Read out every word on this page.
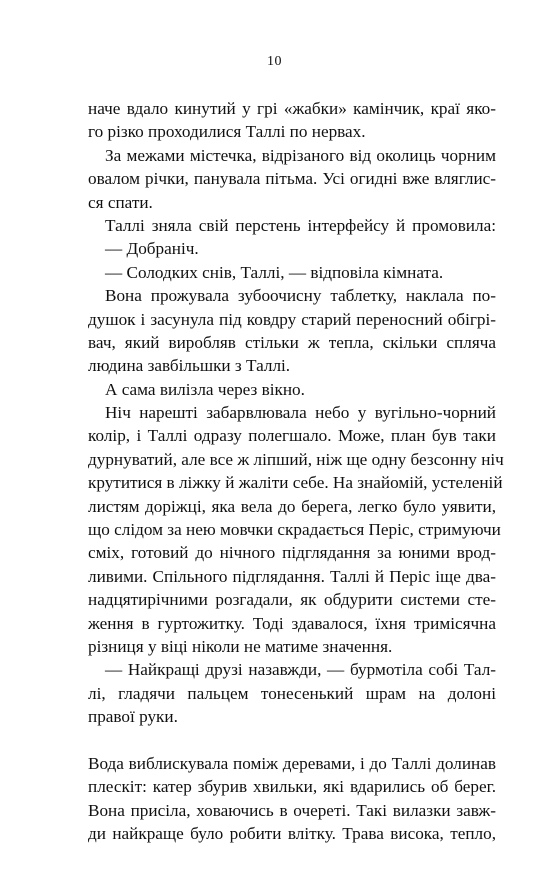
10
наче вдало кинутий у грі «жабки» камінчик, краї яко-
го різко проходилися Таллі по нервах.
За межами містечка, відрізаного від околиць чорним
овалом річки, панувала пітьма. Усі огидні вже вляглис-
ся спати.
Таллі зняла свій перстень інтерфейсу й промовила:
— Добраніч.
— Солодких снів, Таллі, — відповіла кімната.
Вона прожувала зубоочисну таблетку, наклала по-
душок і засунула під ковдру старий переносний обігрі-
вач, який виробляв стільки ж тепла, скільки спляча
людина завбільшки з Таллі.
А сама вилізла через вікно.
Ніч нарешті забарвлювала небо у вугільно-чорний
колір, і Таллі одразу полегшало. Може, план був таки
дурнуватий, але все ж ліпший, ніж ще одну безсонну ніч
крутитися в ліжку й жаліти себе. На знайомій, устеленій
листям доріжці, яка вела до берега, легко було уявити,
що слідом за нею мовчки скрадається Періс, стримуючи
сміх, готовий до нічного підглядання за юними врод-
ливими. Спільного підглядання. Таллі й Періс іще два-
надцятирічними розгадали, як обдурити системи сте-
ження в гуртожитку. Тоді здавалося, їхня тримісячна
різниця у віці ніколи не матиме значення.
— Найкращі друзі назавжди, — бурмотіла собі Тал-
лі, гладячи пальцем тонесенький шрам на долоні
правої руки.
Вода виблискувала поміж деревами, і до Таллі долинав
плескіт: катер збурив хвильки, які вдарились об берег.
Вона присіла, ховаючись в очереті. Такі вилазки завж-
ди найкраще було робити влітку. Трава висока, тепло,
